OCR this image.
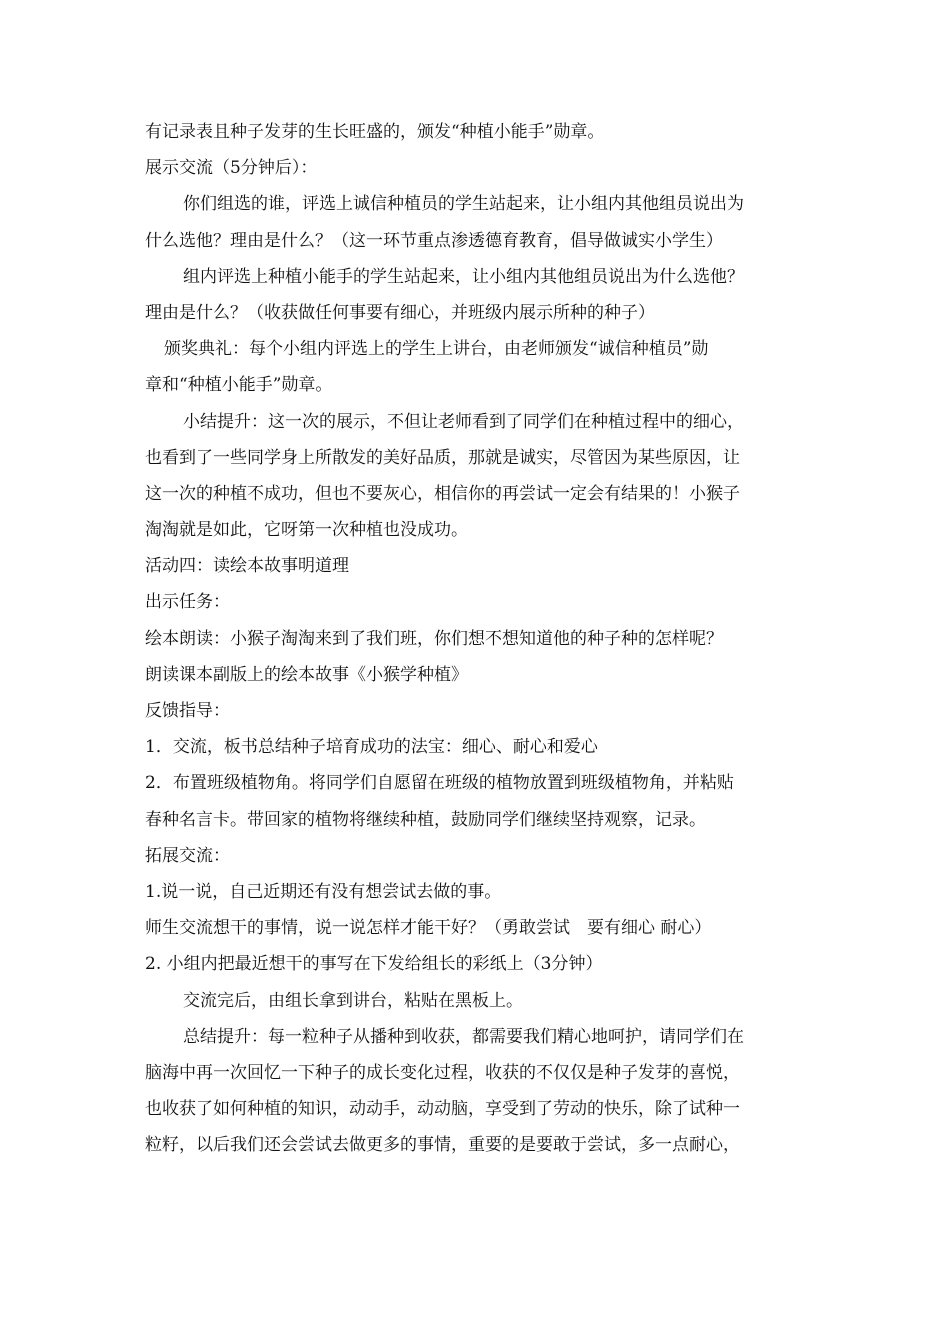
有记录表且种子发芽的生长旺盛的，颁发“种植小能手”勋章。
展示交流（5分钟后）：
你们组选的谁，评选上诚信种植员的学生站起来，让小组内其他组员说出为
什么选他？理由是什么？（这一环节重点渗透德育教育，倡导做诚实小学生）
组内评选上种植小能手的学生站起来，让小组内其他组员说出为什么选他？
理由是什么？（收获做任何事要有细心，并班级内展示所种的种子）
颁奖典礼：每个小组内评选上的学生上讲台，由老师颁发“诚信种植员”勋
章和“种植小能手”勋章。
小结提升：这一次的展示，不但让老师看到了同学们在种植过程中的细心，
也看到了一些同学身上所散发的美好品质，那就是诚实，尽管因为某些原因，让
这一次的种植不成功，但也不要灰心，相信你的再尝试一定会有结果的！小猴子
淘淘就是如此，它呀第一次种植也没成功。
活动四：读绘本故事明道理
出示任务：
绘本朗读：小猴子淘淘来到了我们班，你们想不想知道他的种子种的怎样呢？
朗读课本副版上的绘本故事《小猴学种植》
反馈指导：
1．交流，板书总结种子培育成功的法宝：细心、耐心和爱心
2．布置班级植物角。将同学们自愿留在班级的植物放置到班级植物角，并粘贴
春种名言卡。带回家的植物将继续种植，鼓励同学们继续坚持观察，记录。
拓展交流：
1.说一说，自己近期还有没有想尝试去做的事。
师生交流想干的事情，说一说怎样才能干好？（勇敢尝试　要有细心 耐心）
2. 小组内把最近想干的事写在下发给组长的彩纸上（3分钟）
交流完后，由组长拿到讲台，粘贴在黑板上。
总结提升：每一粒种子从播种到收获，都需要我们精心地呵护，请同学们在
脑海中再一次回忆一下种子的成长变化过程，收获的不仅仅是种子发芽的喜悦，
也收获了如何种植的知识，动动手，动动脑，享受到了劳动的快乐，除了试种一
粒籽，以后我们还会尝试去做更多的事情，重要的是要敢于尝试，多一点耐心，
